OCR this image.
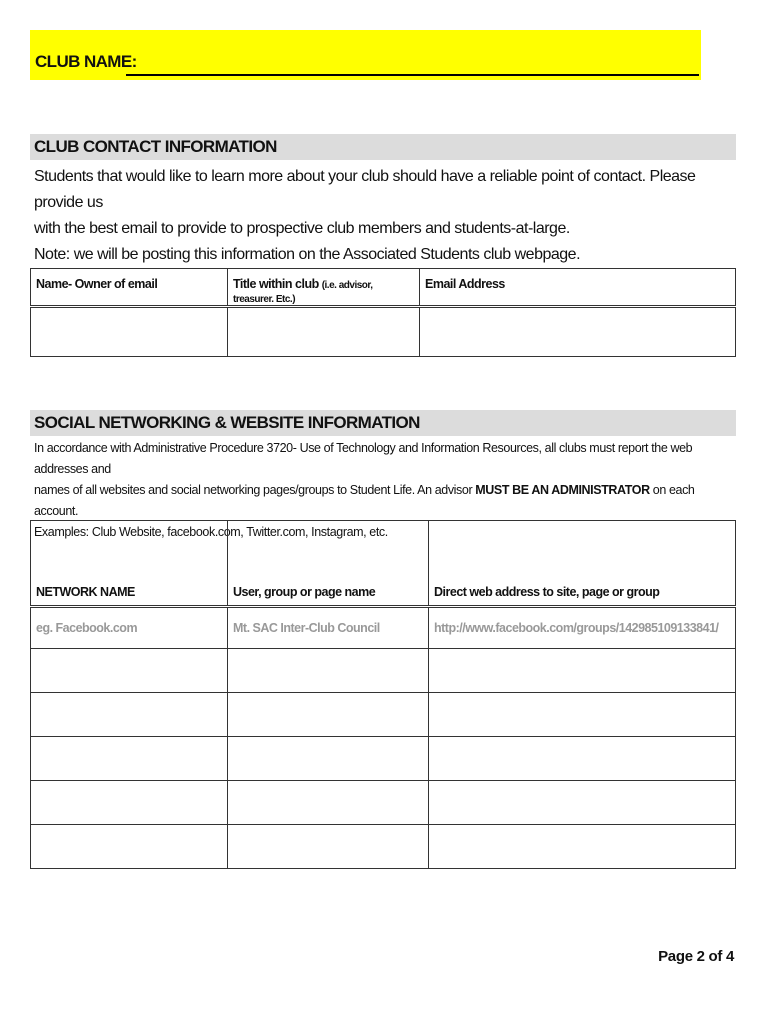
CLUB NAME:
CLUB CONTACT INFORMATION
Students that would like to learn more about your club should have a reliable point of contact. Please provide us
with the best email to provide to prospective club members and students-at-large.
Note: we will be posting this information on the Associated Students club webpage.
Name- Owner of email	Title within club (i.e. advisor, treasurer. Etc.)	Email Address

SOCIAL NETWORKING & WEBSITE INFORMATION
In accordance with Administrative Procedure 3720- Use of Technology and Information Resources, all clubs must report the web addresses and
names of all websites and social networking pages/groups to Student Life. An advisor MUST BE AN ADMINISTRATOR on each account.
Examples: Club Website, facebook.com, Twitter.com, Instagram, etc.
NETWORK NAME	User, group or page name	Direct web address to site, page or group
eg. Facebook.com	Mt. SAC Inter-Club Council	http://www.facebook.com/groups/142985109133841/

Page 2 of 4
